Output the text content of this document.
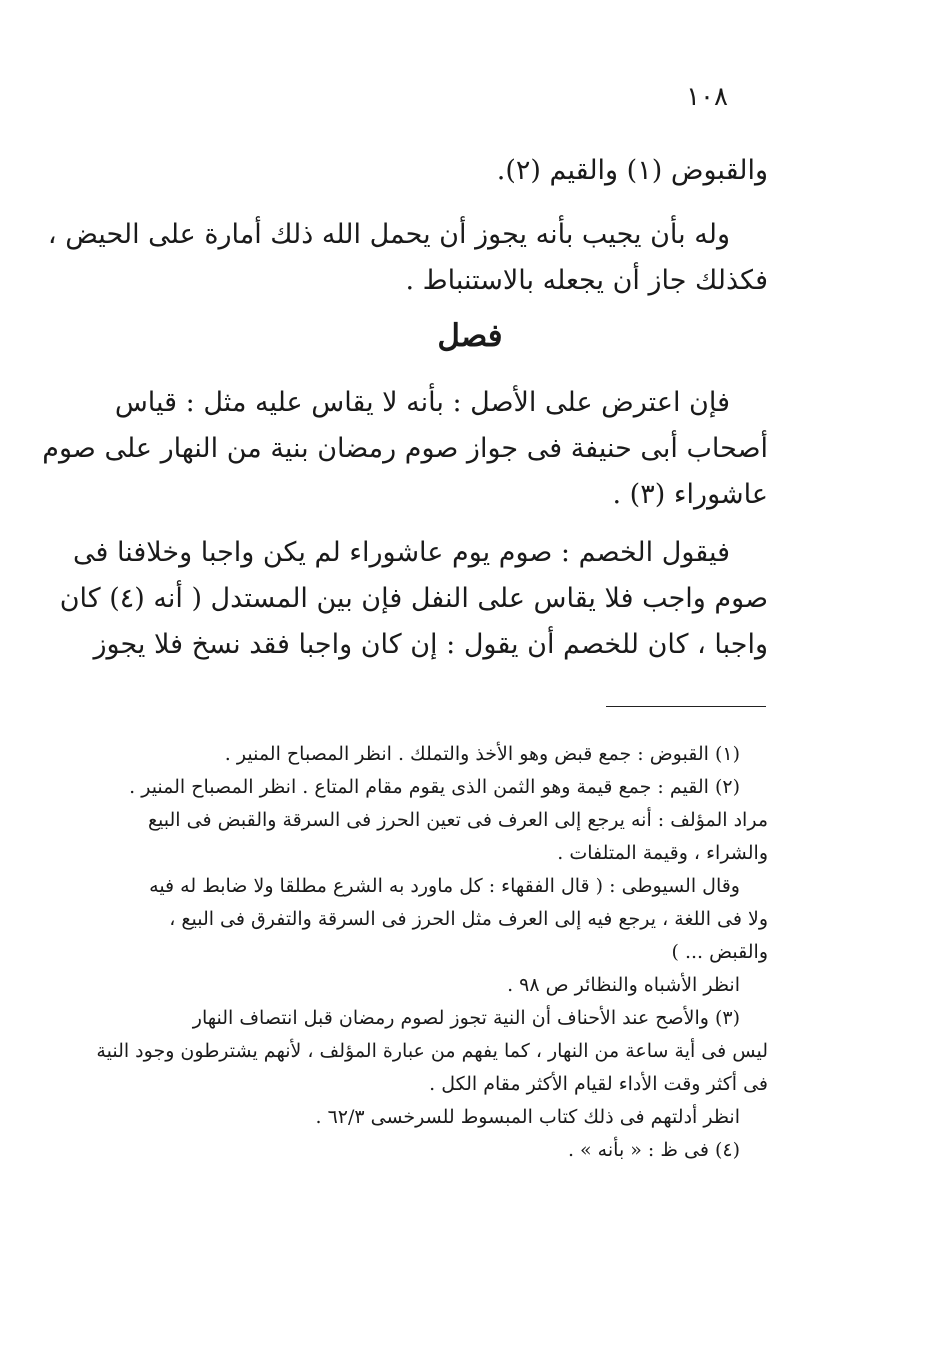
١٠٨
والقبوض (١) والقيم (٢).
وله بأن يجيب بأنه يجوز أن يحمل الله ذلك أمارة على الحيض ،
فكذلك جاز أن يجعله بالاستنباط .
فصل
فإن اعترض على الأصل : بأنه لا يقاس عليه مثل : قياس
أصحاب أبى حنيفة فى جواز صوم رمضان بنية من النهار على صوم
عاشوراء (٣) .
فيقول الخصم : صوم يوم عاشوراء لم يكن واجبا وخلافنا فى
صوم واجب فلا يقاس على النفل فإن بين المستدل ( أنه (٤) كان
واجبا ، كان للخصم أن يقول : إن كان واجبا فقد نسخ فلا يجوز
(١) القبوض : جمع قبض وهو الأخذ والتملك . انظر المصباح المنير .
(٢) القيم : جمع قيمة وهو الثمن الذى يقوم مقام المتاع . انظر المصباح المنير .
مراد المؤلف : أنه يرجع إلى العرف فى تعين الحرز فى السرقة والقبض فى البيع
والشراء ، وقيمة المتلفات .
وقال السيوطى : ( قال الفقهاء : كل ماورد به الشرع مطلقا ولا ضابط له فيه
ولا فى اللغة ، يرجع فيه إلى العرف مثل الحرز فى السرقة والتفرق فى البيع ،
والقبض ... )
انظر الأشباه والنظائر ص ٩٨ .
(٣) والأصح عند الأحناف أن النية تجوز لصوم رمضان قبل انتصاف النهار
ليس فى أية ساعة من النهار ، كما يفهم من عبارة المؤلف ، لأنهم يشترطون وجود النية
فى أكثر وقت الأداء لقيام الأكثر مقام الكل .
انظر أدلتهم فى ذلك كتاب المبسوط للسرخسى ٦٢/٣ .
(٤) فى ظ : « بأنه » .
